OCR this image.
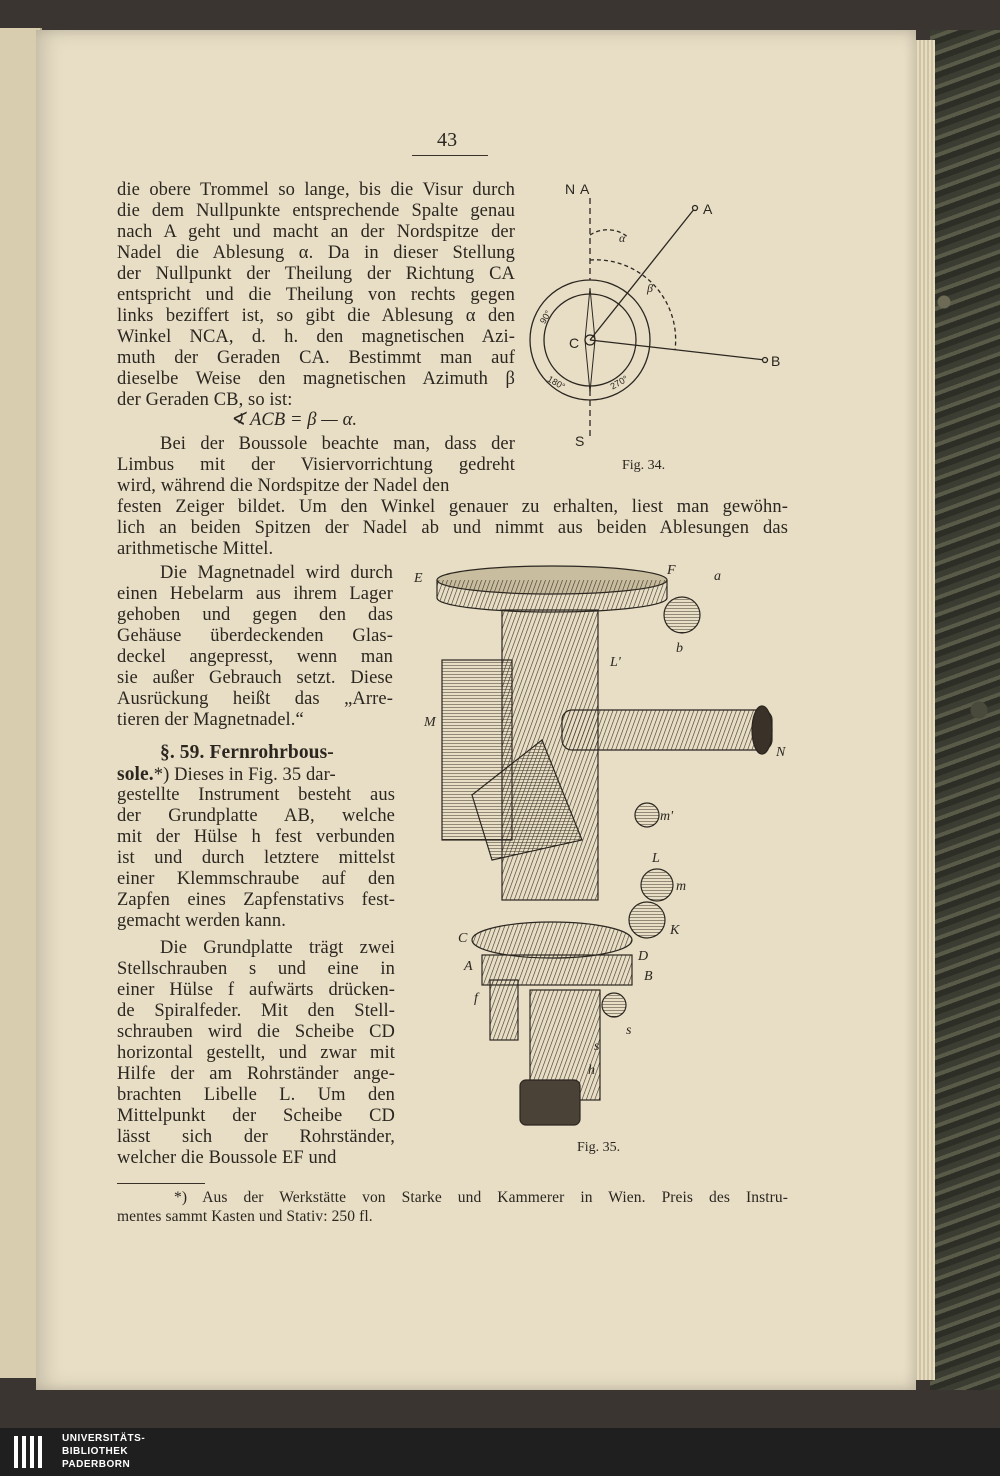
43
die obere Trommel so lange, bis die Visur durch
die dem Nullpunkte entsprechende Spalte genau
nach A geht und macht an der Nordspitze der
Nadel die Ablesung α. Da in dieser Stellung
der Nullpunkt der Theilung der Richtung CA
entspricht und die Theilung von rechts gegen
links beziffert ist, so gibt die Ablesung α den
Winkel NCA, d. h. den magnetischen Azi-
muth der Geraden CA. Bestimmt man auf
dieselbe Weise den magnetischen Azimuth β
der Geraden CB, so ist:
∢ ACB = β — α.
Bei der Boussole beachte man, dass der
Limbus mit der Visiervorrichtung gedreht
wird, während die Nordspitze der Nadel den
festen Zeiger bildet. Um den Winkel genauer zu erhalten, liest man gewöhn-
lich an beiden Spitzen der Nadel ab und nimmt aus beiden Ablesungen das
arithmetische Mittel.
Die Magnetnadel wird durch
einen Hebelarm aus ihrem Lager
gehoben und gegen den das
Gehäuse überdeckenden Glas-
deckel angepresst, wenn man
sie außer Gebrauch setzt. Diese
Ausrückung heißt das „Arre-
tieren der Magnetnadel.“
§. 59. Fernrohrbous-
sole.*) Dieses in Fig. 35 dar-
gestellte Instrument besteht aus
der Grundplatte AB, welche
mit der Hülse h fest verbunden
ist und durch letztere mittelst
einer Klemmschraube auf den
Zapfen eines Zapfenstativs fest-
gemacht werden kann.
Die Grundplatte trägt zwei
Stellschrauben s und eine in
einer Hülse f aufwärts drücken-
de Spiralfeder. Mit den Stell-
schrauben wird die Scheibe CD
horizontal gestellt, und zwar mit
Hilfe der am Rohrständer ange-
brachten Libelle L. Um den
Mittelpunkt der Scheibe CD
lässt sich der Rohrständer,
welcher die Boussole EF und
*) Aus der Werkstätte von Starke und Kammerer in Wien. Preis des Instru-
mentes sammt Kasten und Stativ: 250 fl.
N A
A
B
S
C
α
β
90°
180°	270°
Fig. 34.
E
F	a
b
L'
M
N
m'
L
m
K
C
D
A
B
f
s
s
h
Fig. 35.
UNIVERSITÄTS-
BIBLIOTHEK
PADERBORN
